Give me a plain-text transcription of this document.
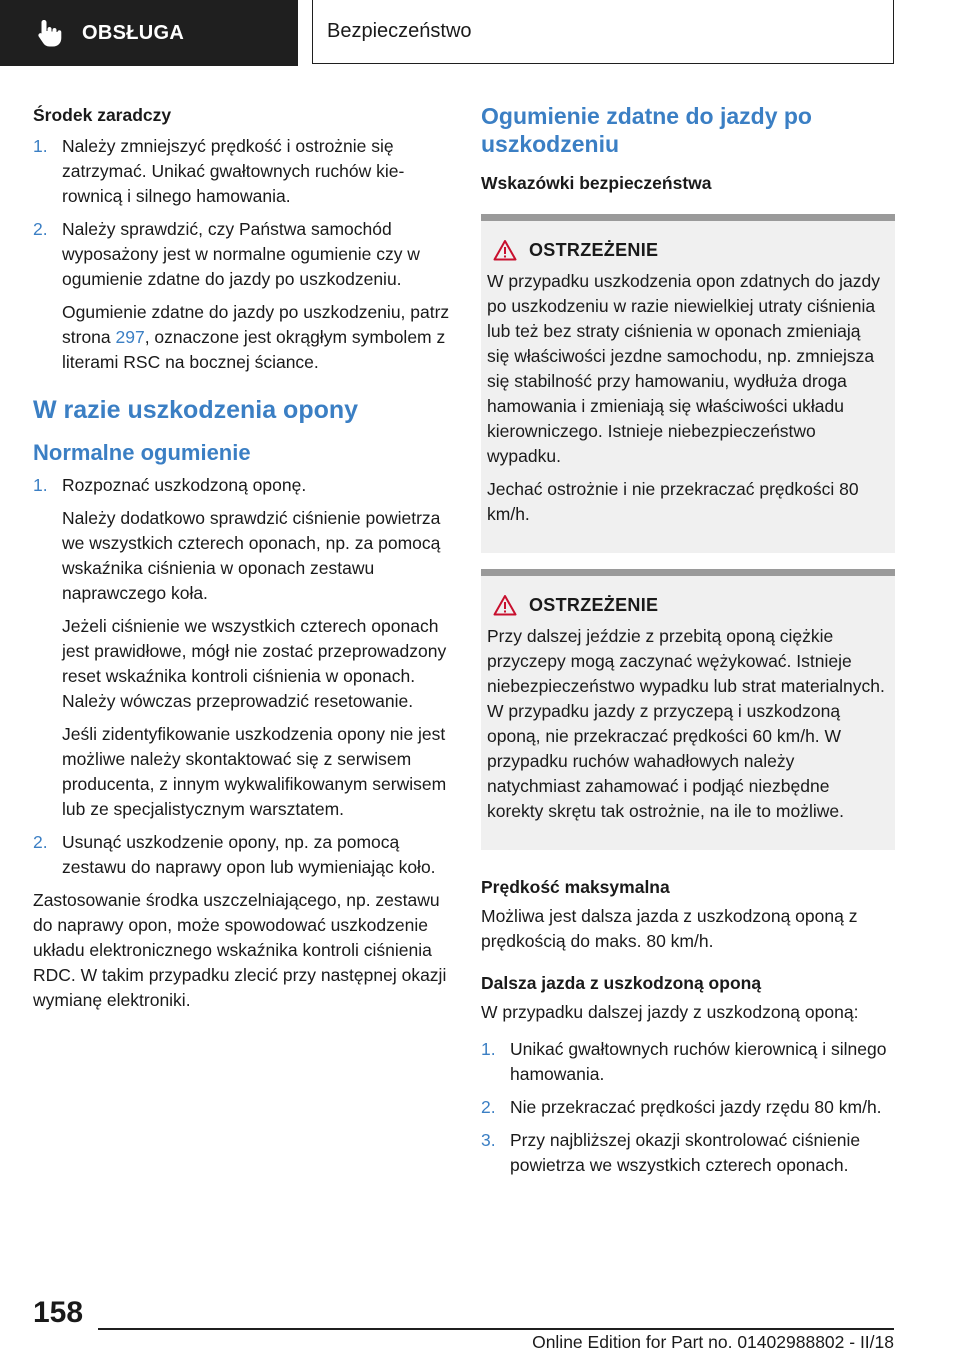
OBSŁUGA	Bezpieczeństwo
Środek zaradczy
1. Należy zmniejszyć prędkość i ostrożnie się zatrzymać. Unikać gwałtownych ruchów kierownicą i silnego hamowania.

2. Należy sprawdzić, czy Państwa samochód wyposażony jest w normalne ogumienie czy w ogumienie zdatne do jazdy po uszkodzeniu.

Ogumienie zdatne do jazdy po uszkodzeniu, patrz strona 297, oznaczone jest okrągłym symbolem z literami RSC na bocznej ściance.
W razie uszkodzenia opony
Normalne ogumienie
1. Rozpoznać uszkodzoną oponę.

Należy dodatkowo sprawdzić ciśnienie powietrza we wszystkich czterech oponach, np. za pomocą wskaźnika ciśnienia w oponach zestawu naprawczego koła.

Jeżeli ciśnienie we wszystkich czterech oponach jest prawidłowe, mógł nie zostać przeprowadzony reset wskaźnika kontroli ciśnienia w oponach. Należy wówczas przeprowadzić resetowanie.

Jeśli zidentyfikowanie uszkodzenia opony nie jest możliwe należy skontaktować się z serwisem producenta, z innym wykwalifikowanym serwisem lub ze specjalistycznym warsztatem.

2. Usunąć uszkodzenie opony, np. za pomocą zestawu do naprawy opon lub wymieniając koło.

Zastosowanie środka uszczelniającego, np. zestawu do naprawy opon, może spowodować uszkodzenie układu elektronicznego wskaźnika kontroli ciśnienia RDC. W takim przypadku zlecić przy następnej okazji wymianę elektroniki.

Ogumienie zdatne do jazdy po uszkodzeniu
Wskazówki bezpieczeństwa
OSTRZEŻENIE

W przypadku uszkodzenia opon zdatnych do jazdy po uszkodzeniu w razie niewielkiej utraty ciśnienia lub też bez straty ciśnienia w oponach zmieniają się właściwości jezdne samochodu, np. zmniejsza się stabilność przy hamowaniu, wydłuża droga hamowania i zmieniają się właściwości układu kierowniczego. Istnieje niebezpieczeństwo wypadku.

Jechać ostrożnie i nie przekraczać prędkości 80 km/h.

OSTRZEŻENIE

Przy dalszej jeździe z przebitą oponą ciężkie przyczepy mogą zaczynać wężykować. Istnieje niebezpieczeństwo wypadku lub strat materialnych. W przypadku jazdy z przyczepą i uszkodzoną oponą, nie przekraczać prędkości 60 km/h. W przypadku ruchów wahadłowych należy natychmiast zahamować i podjąć niezbędne korekty skrętu tak ostrożnie, na ile to możliwe.

Prędkość maksymalna

Możliwa jest dalsza jazda z uszkodzoną oponą z prędkością do maks. 80 km/h.

Dalsza jazda z uszkodzoną oponą

W przypadku dalszej jazdy z uszkodzoną oponą:

1. Unikać gwałtownych ruchów kierownicą i silnego hamowania.

2. Nie przekraczać prędkości jazdy rzędu 80 km/h.

3. Przy najbliższej okazji skontrolować ciśnienie powietrza we wszystkich czterech oponach.

158
Online Edition for Part no. 01402988802 - II/18
